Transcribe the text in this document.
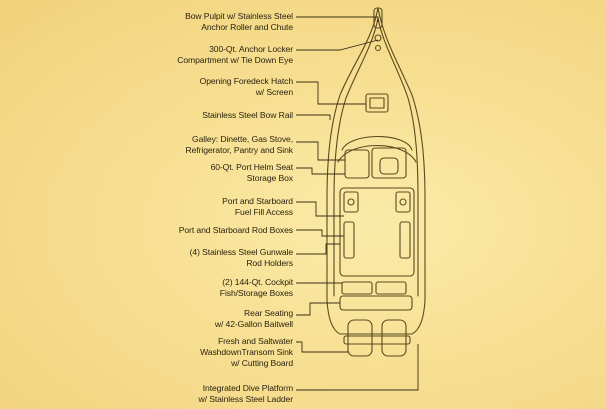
Bow Pulpit w/ Stainless Steel
Anchor Roller and Chute
300-Qt. Anchor Locker
Compartment w/ Tie Down Eye
Opening Foredeck Hatch
w/ Screen
Stainless Steel Bow Rail
Galley: Dinette, Gas Stove,
Refrigerator, Pantry and Sink
60-Qt. Port Helm Seat
Storage Box
Port and Starboard
Fuel Fill Access
Port and Starboard Rod Boxes
(4) Stainless Steel Gunwale
Rod Holders
(2) 144-Qt. Cockpit
Fish/Storage Boxes
Rear Seating
w/ 42-Gallon Baitwell
Fresh and Saltwater
WashdownTransom Sink
w/ Cutting Board
Integrated Dive Platform
w/ Stainless Steel Ladder
